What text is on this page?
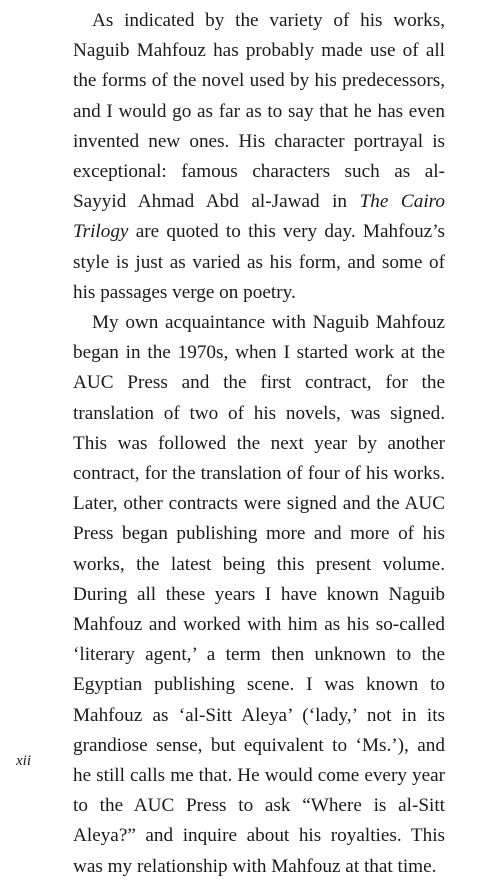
As indicated by the variety of his works, Naguib Mahfouz has probably made use of all the forms of the novel used by his predecessors, and I would go as far as to say that he has even invented new ones. His character portrayal is exceptional: famous characters such as al-Sayyid Ahmad Abd al-Jawad in The Cairo Trilogy are quoted to this very day. Mahfouz’s style is just as varied as his form, and some of his passages verge on poetry.

My own acquaintance with Naguib Mahfouz began in the 1970s, when I started work at the AUC Press and the first contract, for the translation of two of his novels, was signed. This was followed the next year by another contract, for the translation of four of his works. Later, other contracts were signed and the AUC Press began publishing more and more of his works, the latest being this present volume. During all these years I have known Naguib Mahfouz and worked with him as his so-called ‘literary agent,’ a term then unknown to the Egyptian publishing scene. I was known to Mahfouz as ‘al-Sitt Aleya’ (‘lady,’ not in its grandiose sense, but equivalent to ‘Ms.’), and he still calls me that. He would come every year to the AUC Press to ask “Where is al-Sitt Aleya?” and inquire about his royalties. This was my relationship with Mahfouz at that time.

xii
